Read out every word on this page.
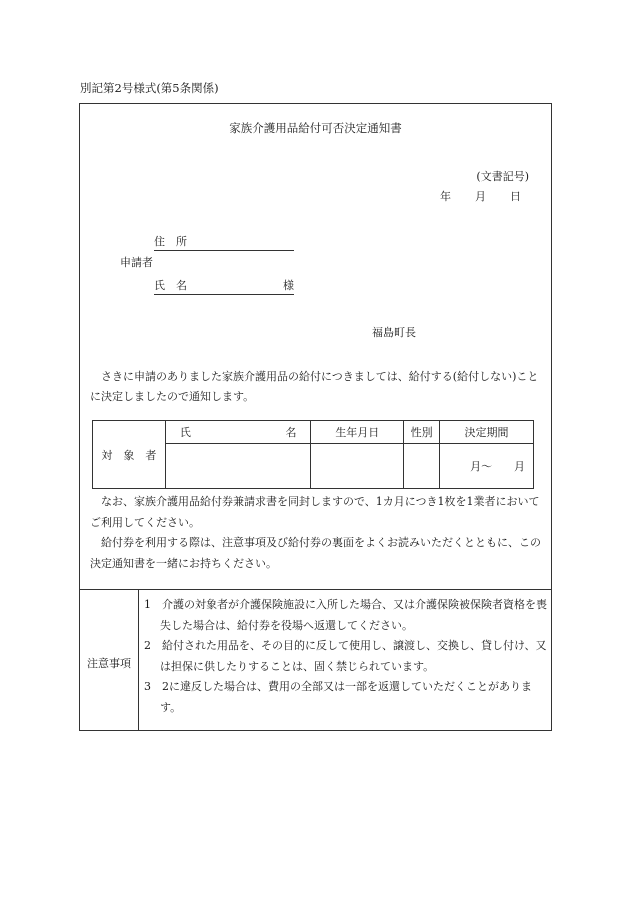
別記第2号様式(第5条関係)
家族介護用品給付可否決定通知書
(文書記号)
年 月 日
住　所
申請者
氏　名	様
福島町長
さきに申請のありました家族介護用品の給付につきましては、給付する(給付しない)ことに決定しましたので通知します。
対　象　者	氏 名	生年月日	性別	決定期間

				月～ 月

なお、家族介護用品給付券兼請求書を同封しますので、1カ月につき1枚を1業者においてご利用してください。

給付券を利用する際は、注意事項及び給付券の裏面をよくお読みいただくとともに、この決定通知書を一緒にお持ちください。

注意事項
1　介護の対象者が介護保険施設に入所した場合、又は介護保険被保険者資格を喪失した場合は、給付券を役場へ返還してください。
2　給付された用品を、その目的に反して使用し、譲渡し、交換し、貸し付け、又は担保に供したりすることは、固く禁じられています。
3　2に違反した場合は、費用の全部又は一部を返還していただくことがあります。
